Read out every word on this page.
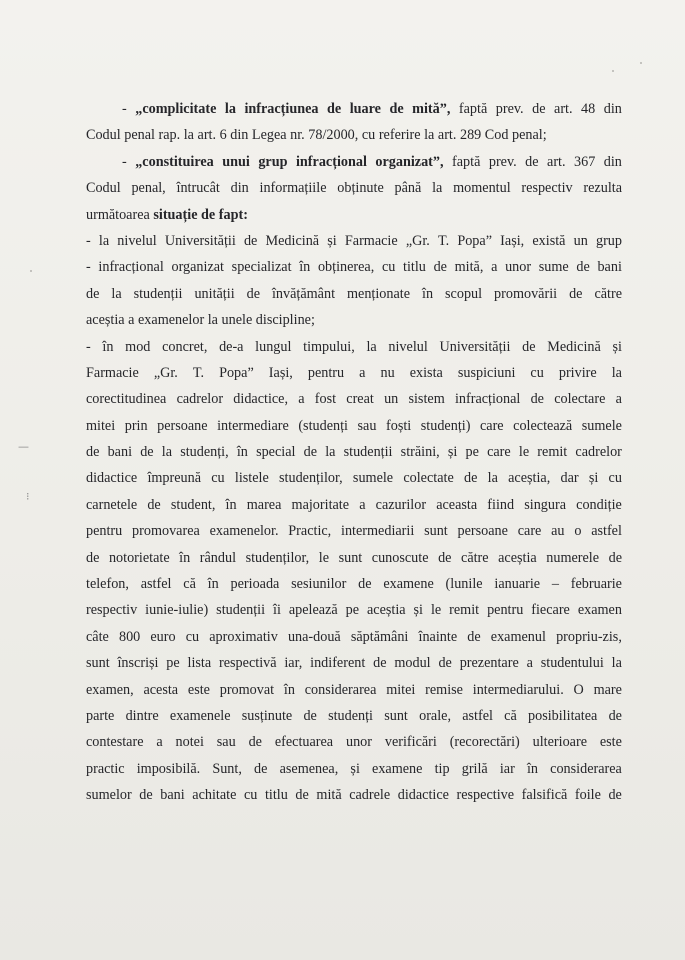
- „complicitate la infracțiunea de luare de mită”, faptă prev. de art. 48 din
Codul penal rap. la art. 6 din Legea nr. 78/2000, cu referire la art. 289 Cod penal;
- „constituirea unui grup infracțional organizat”, faptă prev. de art. 367 din
Codul penal, întrucât din informațiile obținute până la momentul respectiv rezulta
următoarea situație de fapt:
- la nivelul Universității de Medicină și Farmacie „Gr. T. Popa” Iași, există un grup
- infracțional organizat specializat în obținerea, cu titlu de mită, a unor sume de bani
de la studenții unității de învățământ menționate în scopul promovării de către
aceștia a examenelor la unele discipline;
- în mod concret, de-a lungul timpului, la nivelul Universității de Medicină și
Farmacie „Gr. T. Popa” Iași, pentru a nu exista suspiciuni cu privire la
corectitudinea cadrelor didactice, a fost creat un sistem infracțional de colectare a
mitei prin persoane intermediare (studenți sau foști studenți) care colectează sumele
de bani de la studenți, în special de la studenții străini, și pe care le remit cadrelor
didactice împreună cu listele studenților, sumele colectate de la aceștia, dar și cu
carnetele de student, în marea majoritate a cazurilor aceasta fiind singura condiție
pentru promovarea examenelor. Practic, intermediarii sunt persoane care au o astfel
de notorietate în rândul studenților, le sunt cunoscute de către aceștia numerele de
telefon, astfel că în perioada sesiunilor de examene (lunile ianuarie – februarie
respectiv iunie-iulie) studenții îi apelează pe aceștia și le remit pentru fiecare examen
câte 800 euro cu aproximativ una-două săptămâni înainte de examenul propriu-zis,
sunt înscriși pe lista respectivă iar, indiferent de modul de prezentare a studentului la
examen, acesta este promovat în considerarea mitei remise intermediarului. O mare
parte dintre examenele susținute de studenți sunt orale, astfel că posibilitatea de
contestare a notei sau de efectuarea unor verificări (recorectări) ulterioare este
practic imposibilă. Sunt, de asemenea, și examene tip grilă iar în considerarea
sumelor de bani achitate cu titlu de mită cadrele didactice respective falsifică foile de
—
⁝
